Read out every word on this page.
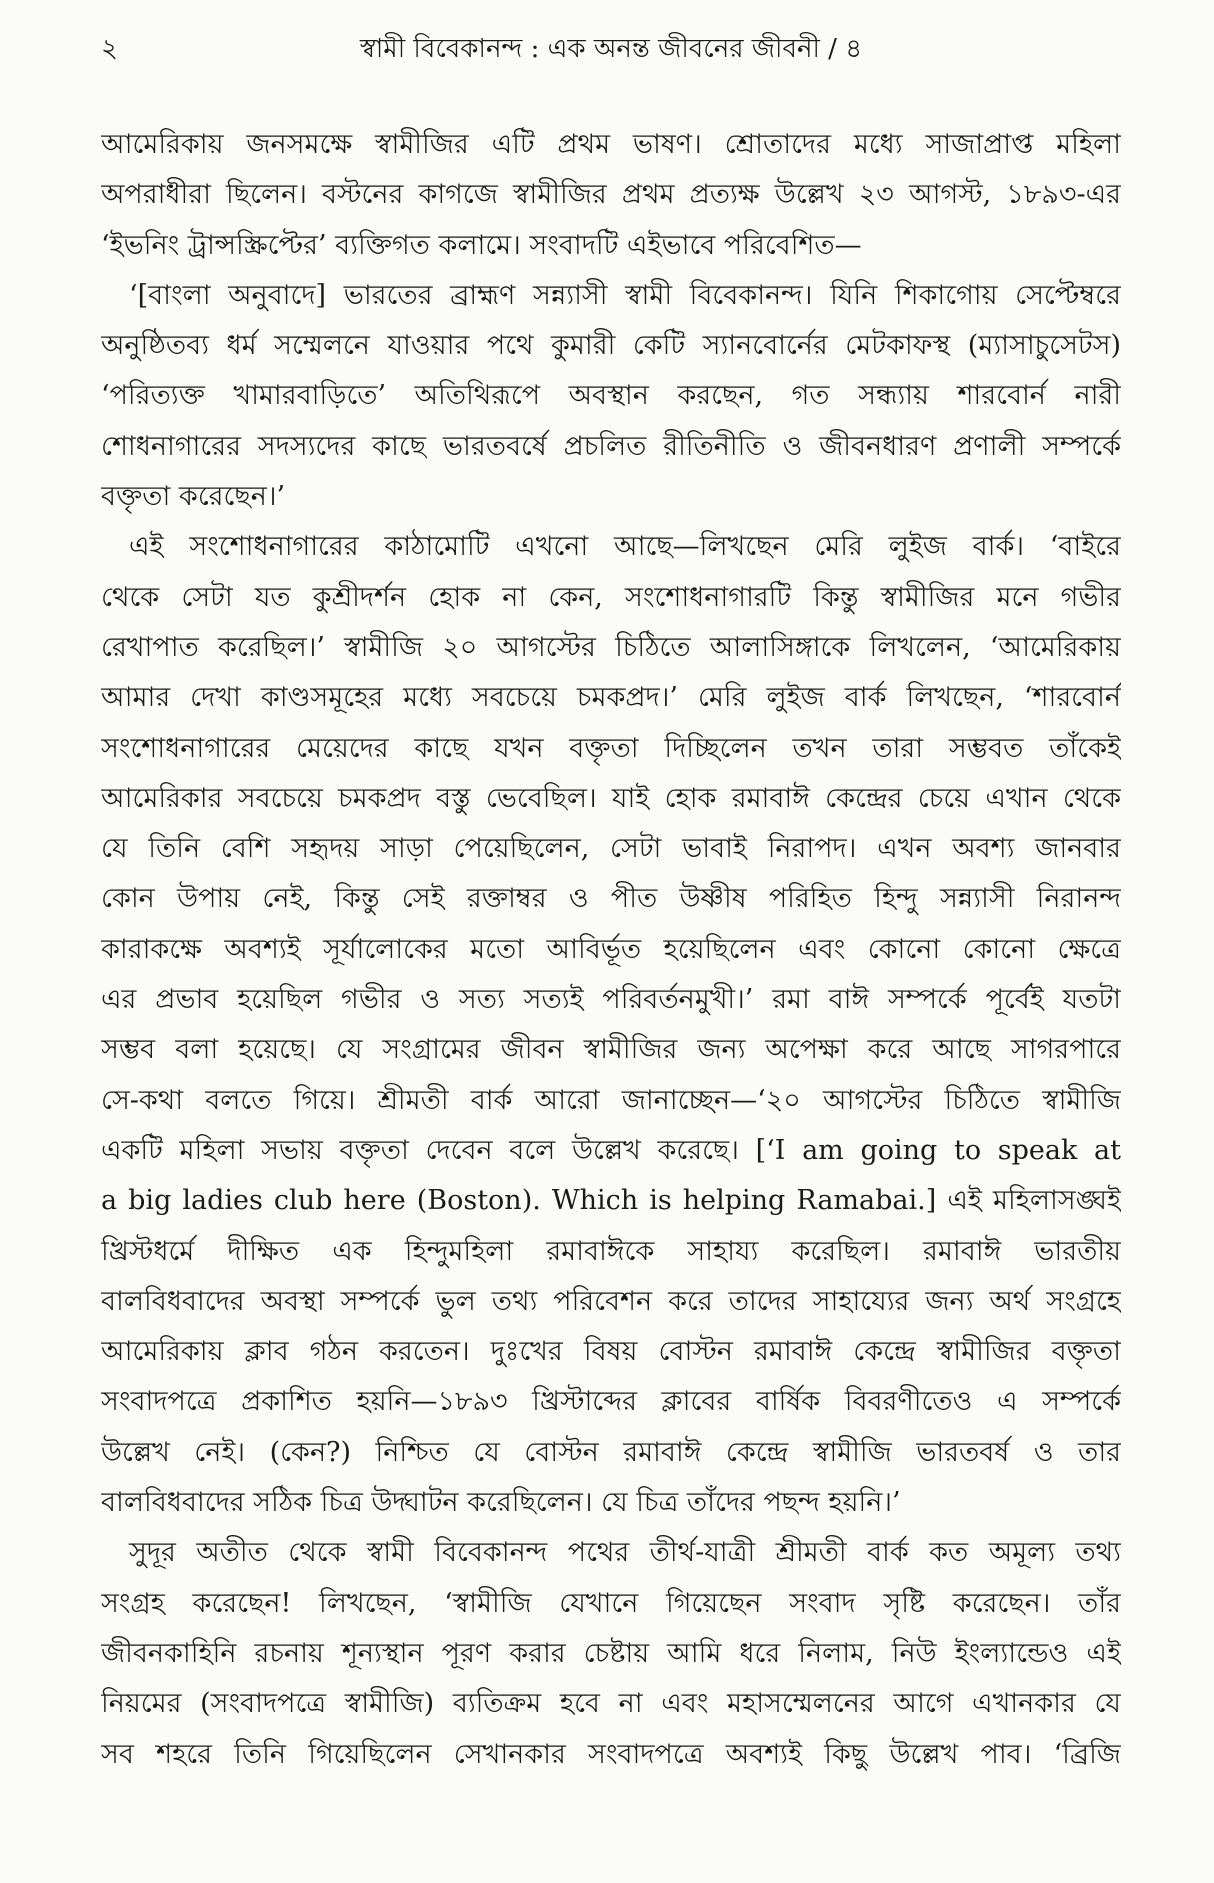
২	স্বামী বিবেকানন্দ : এক অনন্ত জীবনের জীবনী / ৪
আমেরিকায় জনসমক্ষে স্বামীজির এটি প্রথম ভাষণ। শ্রোতাদের মধ্যে সাজাপ্রাপ্ত মহিলা
অপরাধীরা ছিলেন। বস্টনের কাগজে স্বামীজির প্রথম প্রত্যক্ষ উল্লেখ ২৩ আগস্ট, ১৮৯৩-এর
‘ইভনিং ট্রান্সস্ক্রিপ্টের’ ব্যক্তিগত কলামে। সংবাদটি এইভাবে পরিবেশিত—
‘[বাংলা অনুবাদে] ভারতের ব্রাহ্মণ সন্ন্যাসী স্বামী বিবেকানন্দ। যিনি শিকাগোয় সেপ্টেম্বরে
অনুষ্ঠিতব্য ধর্ম সম্মেলনে যাওয়ার পথে কুমারী কেটি স্যানবোর্নের মেটকাফস্থ (ম্যাসাচুসেটস)
‘পরিত্যক্ত খামারবাড়িতে’ অতিথিরূপে অবস্থান করছেন, গত সন্ধ্যায় শারবোর্ন নারী
শোধনাগারের সদস্যদের কাছে ভারতবর্ষে প্রচলিত রীতিনীতি ও জীবনধারণ প্রণালী সম্পর্কে
বক্তৃতা করেছেন।’
এই সংশোধনাগারের কাঠামোটি এখনো আছে—লিখছেন মেরি লুইজ বার্ক। ‘বাইরে
থেকে সেটা যত কুশ্রীদর্শন হোক না কেন, সংশোধনাগারটি কিন্তু স্বামীজির মনে গভীর
রেখাপাত করেছিল।’ স্বামীজি ২০ আগস্টের চিঠিতে আলাসিঙ্গাকে লিখলেন, ‘আমেরিকায়
আমার দেখা কাণ্ডসমূহের মধ্যে সবচেয়ে চমকপ্রদ।’ মেরি লুইজ বার্ক লিখছেন, ‘শারবোর্ন
সংশোধনাগারের মেয়েদের কাছে যখন বক্তৃতা দিচ্ছিলেন তখন তারা সম্ভবত তাঁকেই
আমেরিকার সবচেয়ে চমকপ্রদ বস্তু ভেবেছিল। যাই হোক রমাবাঈ কেন্দ্রের চেয়ে এখান থেকে
যে তিনি বেশি সহৃদয় সাড়া পেয়েছিলেন, সেটা ভাবাই নিরাপদ। এখন অবশ্য জানবার
কোন উপায় নেই, কিন্তু সেই রক্তাম্বর ও পীত উষ্ণীষ পরিহিত হিন্দু সন্ন্যাসী নিরানন্দ
কারাকক্ষে অবশ্যই সূর্যালোকের মতো আবির্ভূত হয়েছিলেন এবং কোনো কোনো ক্ষেত্রে
এর প্রভাব হয়েছিল গভীর ও সত্য সত্যই পরিবর্তনমুখী।’ রমা বাঈ সম্পর্কে পূর্বেই যতটা
সম্ভব বলা হয়েছে। যে সংগ্রামের জীবন স্বামীজির জন্য অপেক্ষা করে আছে সাগরপারে
সে-কথা বলতে গিয়ে। শ্রীমতী বার্ক আরো জানাচ্ছেন—‘২০ আগস্টের চিঠিতে স্বামীজি
একটি মহিলা সভায় বক্তৃতা দেবেন বলে উল্লেখ করেছে। [‘I am going to speak at
a big ladies club here (Boston). Which is helping Ramabai.] এই মহিলাসঙ্ঘই
খ্রিস্টধর্মে দীক্ষিত এক হিন্দুমহিলা রমাবাঈকে সাহায্য করেছিল। রমাবাঈ ভারতীয়
বালবিধবাদের অবস্থা সম্পর্কে ভুল তথ্য পরিবেশন করে তাদের সাহায্যের জন্য অর্থ সংগ্রহে
আমেরিকায় ক্লাব গঠন করতেন। দুঃখের বিষয় বোস্টন রমাবাঈ কেন্দ্রে স্বামীজির বক্তৃতা
সংবাদপত্রে প্রকাশিত হয়নি—১৮৯৩ খ্রিস্টাব্দের ক্লাবের বার্ষিক বিবরণীতেও এ সম্পর্কে
উল্লেখ নেই। (কেন?) নিশ্চিত যে বোস্টন রমাবাঈ কেন্দ্রে স্বামীজি ভারতবর্ষ ও তার
বালবিধবাদের সঠিক চিত্র উদ্ঘাটন করেছিলেন। যে চিত্র তাঁদের পছন্দ হয়নি।’
সুদূর অতীত থেকে স্বামী বিবেকানন্দ পথের তীর্থ-যাত্রী শ্রীমতী বার্ক কত অমূল্য তথ্য
সংগ্রহ করেছেন! লিখছেন, ‘স্বামীজি যেখানে গিয়েছেন সংবাদ সৃষ্টি করেছেন। তাঁর
জীবনকাহিনি রচনায় শূন্যস্থান পূরণ করার চেষ্টায় আমি ধরে নিলাম, নিউ ইংল্যান্ডেও এই
নিয়মের (সংবাদপত্রে স্বামীজি) ব্যতিক্রম হবে না এবং মহাসম্মেলনের আগে এখানকার যে
সব শহরে তিনি গিয়েছিলেন সেখানকার সংবাদপত্রে অবশ্যই কিছু উল্লেখ পাব। ‘ব্রিজি
